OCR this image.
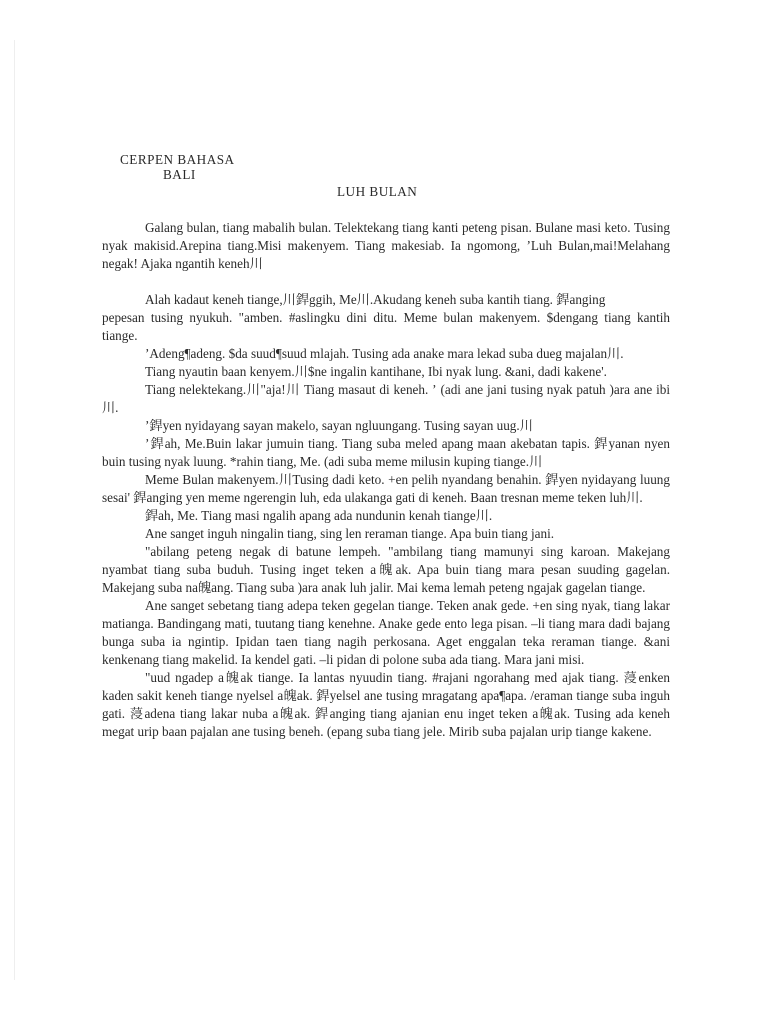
CERPEN BAHASA
BALI
LUH BULAN

Galang bulan, tiang mabalih bulan. Telektekang tiang kanti peteng pisan. Bulane masi keto. Tusing nyak makisid.Arepina tiang.Misi makenyem. Tiang makesiab. Ia ngomong, ʼLuh Bulan,mai!Melahang negak! Ajaka ngantih keneh川

Alah kadaut keneh tiange,川銲ggih, Me川.Akudang keneh suba kantih tiang. 銲anging

pepesan tusing nyukuh. "amben. #aslingku dini ditu. Meme bulan makenyem. $dengang tiang kantih tiange.

ʼAdeng¶adeng. $da suud¶suud mlajah. Tusing ada anake mara lekad suba dueg majalan川.

Tiang nyautin baan kenyem.川$ne ingalin kantihane, Ibi nyak lung. &ani, dadi kakene'.

Tiang nelektekang.川"aja!川 Tiang masaut di keneh. ʼ (adi ane jani tusing nyak patuh )ara ane ibi川.

ʼ銲yen nyidayang sayan makelo, sayan ngluungang. Tusing sayan uug.川

ʼ銲ah, Me.Buin lakar jumuin tiang. Tiang suba meled apang maan akebatan tapis. 銲yanan nyen buin tusing nyak luung. *rahin tiang, Me. (adi suba meme milusin kuping tiange.川

Meme Bulan makenyem.川Tusing dadi keto. +en pelih nyandang benahin. 銲yen nyidayang luung sesai' 銲anging yen meme ngerengin luh, eda ulakanga gati di keneh. Baan tresnan meme teken luh川.

銲ah, Me. Tiang masi ngalih apang ada nundunin kenah tiange川.

Ane sanget inguh ningalin tiang, sing len reraman tiange. Apa buin tiang jani.

"abilang peteng negak di batune lempeh. "ambilang tiang mamunyi sing karoan. Makejang nyambat tiang suba buduh. Tusing inget teken a魄ak. Apa buin tiang mara pesan suuding gagelan. Makejang suba na魄ang. Tiang suba )ara anak luh jalir. Mai kema lemah peteng ngajak gagelan tiange.

Ane sanget sebetang tiang adepa teken gegelan tiange. Teken anak gede. +en sing nyak, tiang lakar matianga. Bandingang mati, tuutang tiang kenehne. Anake gede ento lega pisan. –li tiang mara dadi bajang bunga suba ia ngintip. Ipidan taen tiang nagih perkosana. Aget enggalan teka reraman tiange. &ani kenkenang tiang makelid. Ia kendel gati. –li pidan di polone suba ada tiang. Mara jani misi.

"uud ngadep a魄ak tiange. Ia lantas nyuudin tiang. #rajani ngorahang med ajak tiang. 蓡enken kaden sakit keneh tiange nyelsel a魄ak. 銲yelsel ane tusing mragatang apa¶apa. /eraman tiange suba inguh gati. 蓡adena tiang lakar nuba a魄ak. 銲anging tiang ajanian enu inget teken a魄ak. Tusing ada keneh megat urip baan pajalan ane tusing beneh. (epang suba tiang jele. Mirib suba pajalan urip tiange kakene.
